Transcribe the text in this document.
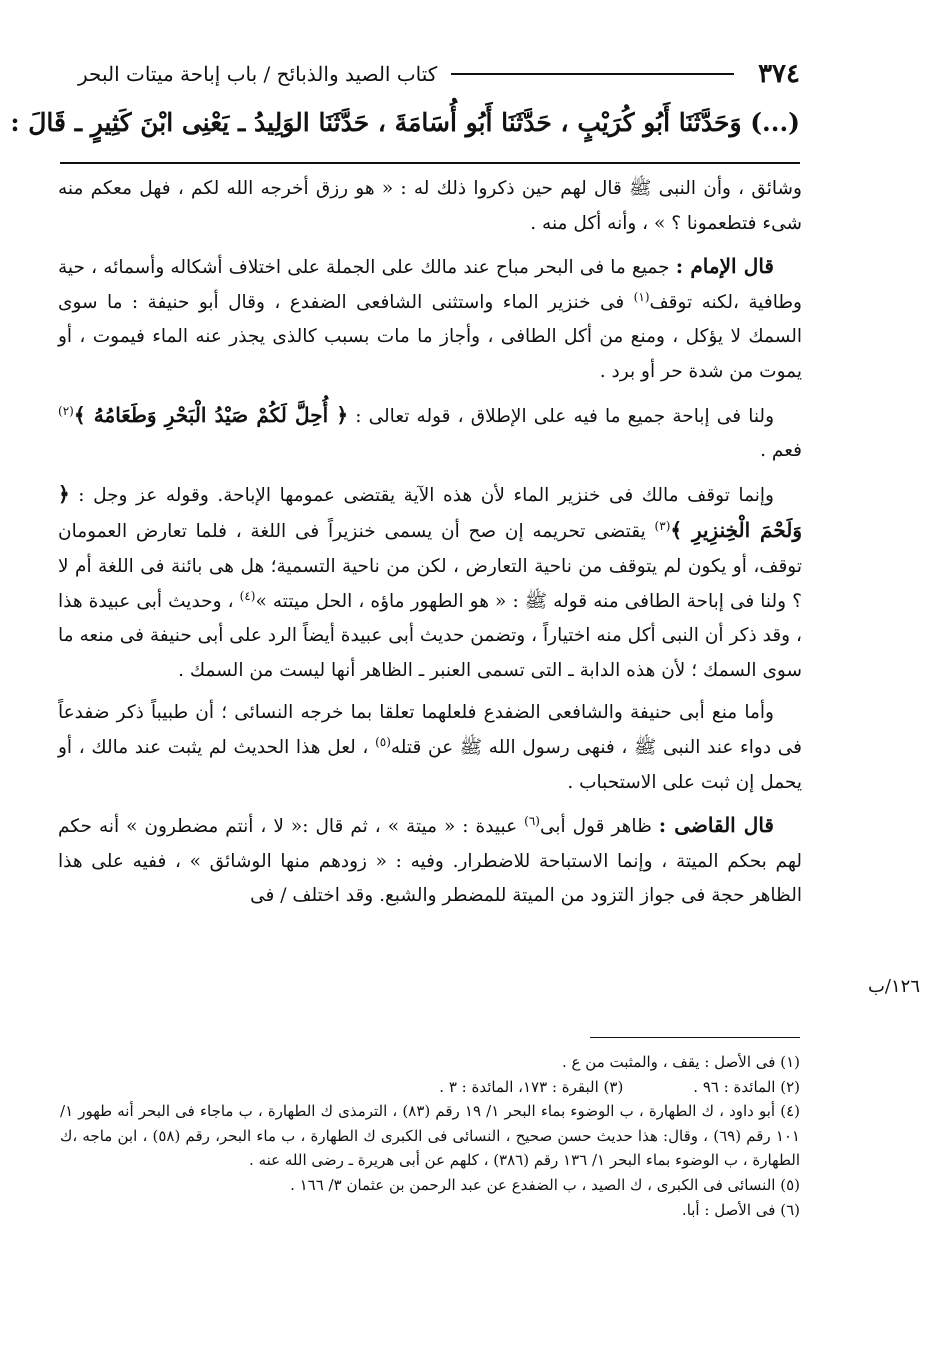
٣٧٤
كتاب الصيد والذبائح / باب إباحة ميتات البحر
(...) وَحَدَّثَنَا أَبُو كُرَيْبٍ ، حَدَّثَنَا أَبُو أُسَامَةَ ، حَدَّثَنَا الوَلِيدُ ـ يَعْنِى ابْنَ كَثِيرٍ ـ قَالَ :

وشائق ، وأن النبى ﷺ قال لهم حين ذكروا ذلك له : « هو رزق أخرجه الله لكم ، فهل معكم منه شىء فتطعمونا ؟ » ، وأنه أكل منه .

قال الإمام : جميع ما فى البحر مباح عند مالك على الجملة على اختلاف أشكاله وأسمائه ، حية وطافية ،لكنه توقف$^{(١)}$ فى خنزير الماء واستثنى الشافعى الضفدع ، وقال أبو حنيفة : ما سوى السمك لا يؤكل ، ومنع من أكل الطافى ، وأجاز ما مات بسبب كالذى يجذر عنه الماء فيموت ، أو يموت من شدة حر أو برد .

ولنا فى إباحة جميع ما فيه على الإطلاق ، قوله تعالى : ﴿ أُحِلَّ لَكُمْ صَيْدُ الْبَحْرِ وَطَعَامُهُ ﴾$^{(٢)}$ فعم .

وإنما توقف مالك فى خنزير الماء لأن هذه الآية يقتضى عمومها الإباحة. وقوله عز وجل : ﴿ وَلَحْمَ الْخِنزِيرِ ﴾$^{(٣)}$ يقتضى تحريمه إن صح أن يسمى خنزيراً فى اللغة ، فلما تعارض العمومان توقف، أو يكون لم يتوقف من ناحية التعارض ، لكن من ناحية التسمية؛ هل هى بائنة فى اللغة أم لا ؟ ولنا فى إباحة الطافى منه قوله ﷺ : « هو الطهور ماؤه ، الحل ميتته »$^{(٤)}$ ، وحديث أبى عبيدة هذا ، وقد ذكر أن النبى أكل منه اختياراً ، وتضمن حديث أبى عبيدة أيضاً الرد على أبى حنيفة فى منعه ما سوى السمك ؛ لأن هذه الدابة ـ التى تسمى العنبر ـ الظاهر أنها ليست من السمك .

وأما منع أبى حنيفة والشافعى الضفدع فلعلهما تعلقا بما خرجه النسائى ؛ أن طبيباً ذكر ضفدعاً فى دواء عند النبى ﷺ ، فنهى رسول الله ﷺ عن قتله$^{(٥)}$ ، لعل هذا الحديث لم يثبت عند مالك ، أو يحمل إن ثبت على الاستحباب .

قال القاضى : ظاهر قول أبى$^{(٦)}$ عبيدة : « ميتة » ، ثم قال :« لا ، أنتم مضطرون » أنه حكم لهم بحكم الميتة ، وإنما الاستباحة للاضطرار. وفيه : « زودهم منها الوشائق » ، ففيه على هذا الظاهر حجة فى جواز التزود من الميتة للمضطر والشبع. وقد اختلف / فى

١٢٦/ب

(١) فى الأصل : يقف ، والمثبت من ع .

(٢) المائدة : ٩٦ .
(٣) البقرة : ١٧٣، المائدة : ٣ .

(٤) أبو داود ، ك الطهارة ، ب الوضوء بماء البحر ١/ ١٩ رقم (٨٣) ، الترمذى ك الطهارة ، ب ماجاء فى البحر أنه طهور ١/ ١٠١ رقم (٦٩) ، وقال: هذا حديث حسن صحيح ، النسائى فى الكبرى ك الطهارة ، ب ماء البحر، رقم (٥٨) ، ابن ماجه ،ك الطهارة ، ب الوضوء بماء البحر ١/ ١٣٦ رقم (٣٨٦) ، كلهم عن أبى هريرة ـ رضى الله عنه .

(٥) النسائى فى الكبرى ، ك الصيد ، ب الضفدع عن عبد الرحمن بن عثمان ٣/ ١٦٦ .

(٦) فى الأصل : أبا.
